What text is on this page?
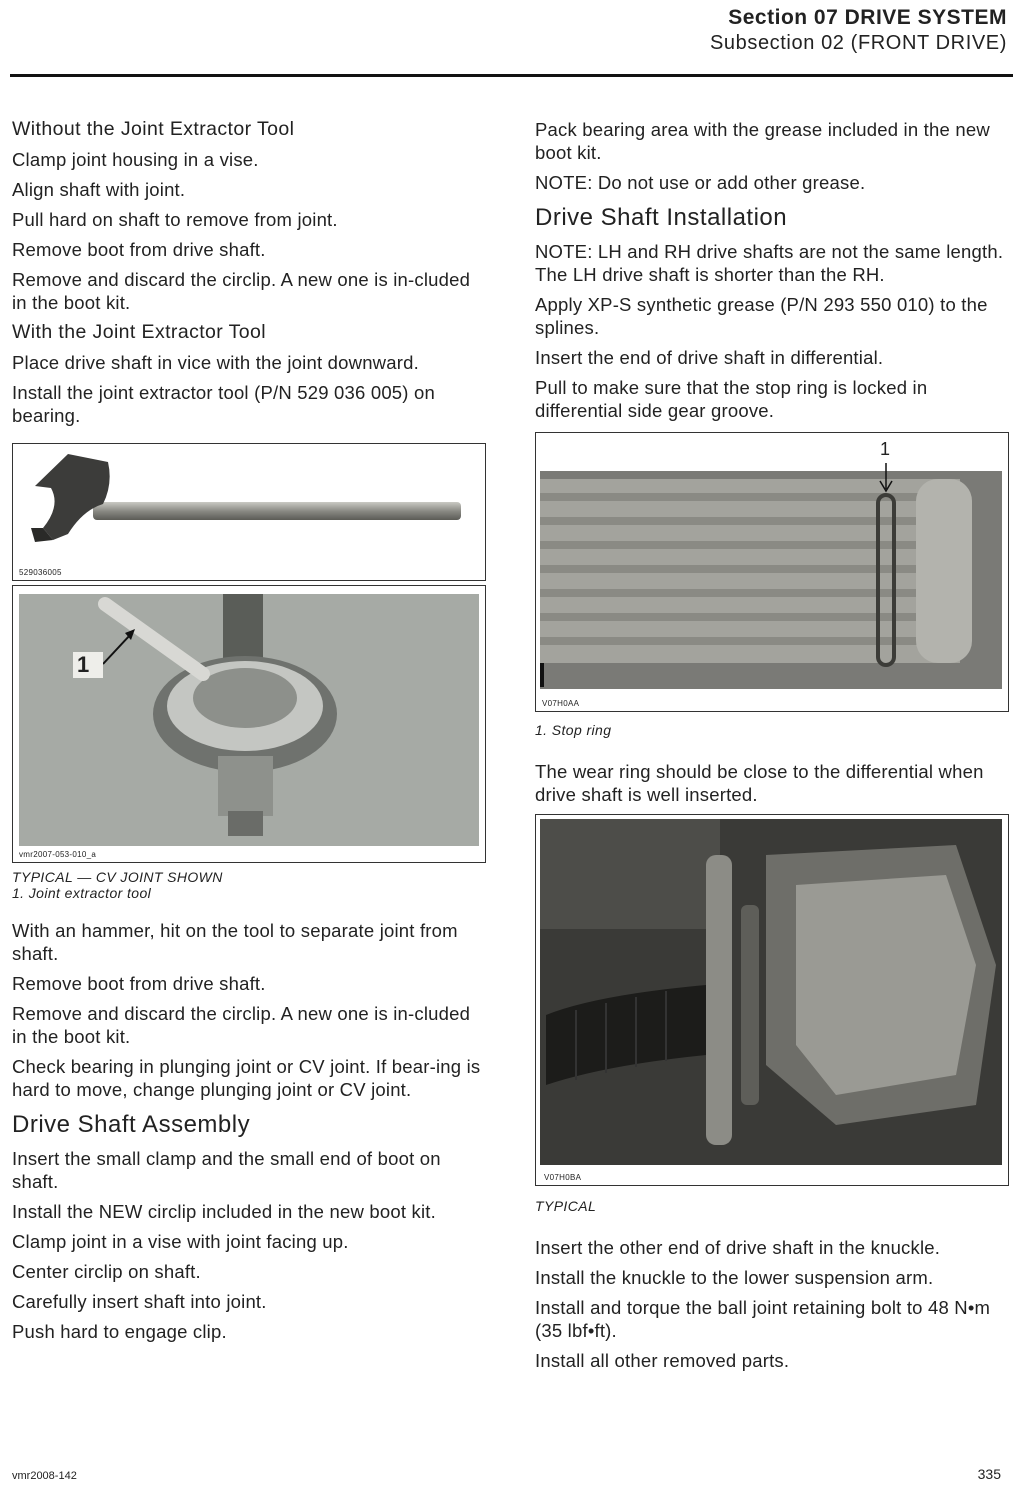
Section 07 DRIVE SYSTEM
Subsection 02 (FRONT DRIVE)
Without the Joint Extractor Tool

Clamp joint housing in a vise.

Align shaft with joint.

Pull hard on shaft to remove from joint.

Remove boot from drive shaft.

Remove and discard the circlip. A new one is in-cluded in the boot kit.

With the Joint Extractor Tool

Place drive shaft in vice with the joint downward.

Install the joint extractor tool (P/N 529 036 005) on bearing.

529036005
1
vmr2007-053-010_a

TYPICAL — CV JOINT SHOWN

1. Joint extractor tool

With an hammer, hit on the tool to separate joint from shaft.

Remove boot from drive shaft.

Remove and discard the circlip. A new one is in-cluded in the boot kit.

Check bearing in plunging joint or CV joint. If bear-ing is hard to move, change plunging joint or CV joint.

Drive Shaft Assembly

Insert the small clamp and the small end of boot on shaft.

Install the NEW circlip included in the new boot kit.

Clamp joint in a vise with joint facing up.

Center circlip on shaft.

Carefully insert shaft into joint.

Push hard to engage clip.

Pack bearing area with the grease included in the new boot kit.

NOTE: Do not use or add other grease.

Drive Shaft Installation

NOTE: LH and RH drive shafts are not the same length. The LH drive shaft is shorter than the RH.

Apply XP-S synthetic grease (P/N 293 550 010) to the splines.

Insert the end of drive shaft in differential.

Pull to make sure that the stop ring is locked in differential side gear groove.

1
V07H0AA

1. Stop ring

The wear ring should be close to the differential when drive shaft is well inserted.

V07H0BA

TYPICAL

Insert the other end of drive shaft in the knuckle.

Install the knuckle to the lower suspension arm.

Install and torque the ball joint retaining bolt to 48 N•m (35 lbf•ft).

Install all other removed parts.

vmr2008-142	335
